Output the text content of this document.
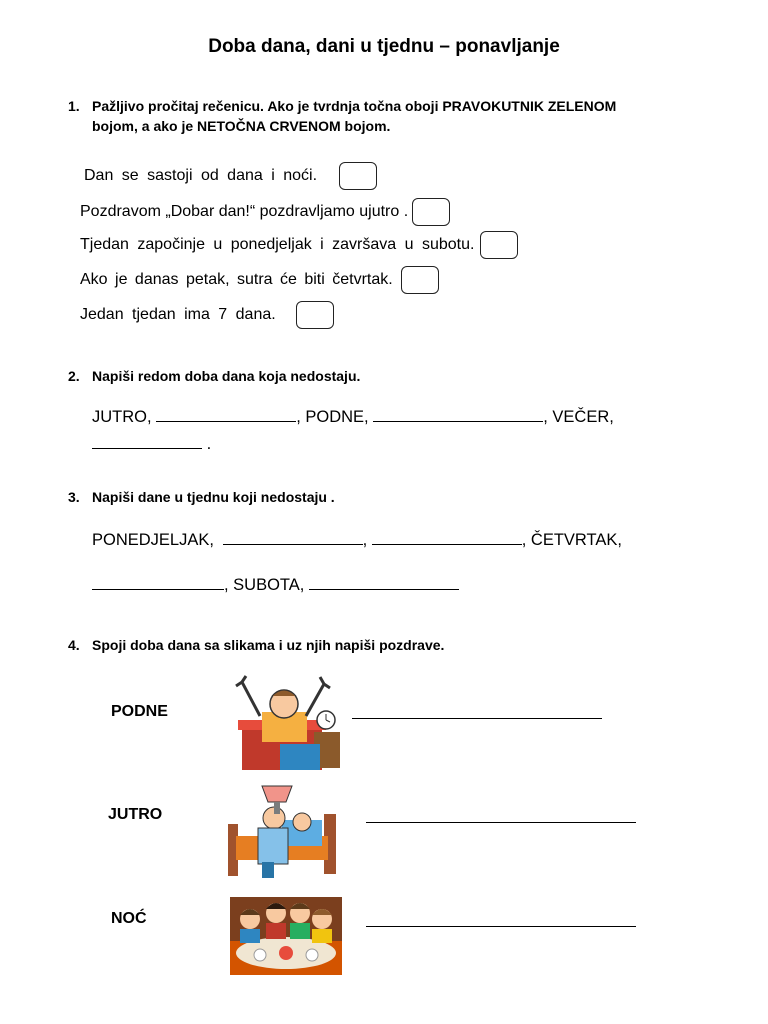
Doba dana, dani u tjednu – ponavljanje
1. Pažljivo pročitaj rečenicu. Ako je tvrdnja točna oboji PRAVOKUTNIK ZELENOM
bojom, a ako je NETOČNA CRVENOM bojom.
Dan se sastoji od dana i noći.
Pozdravom „Dobar dan!“ pozdravljamo ujutro .
Tjedan započinje u ponedjeljak i završava u subotu.
Ako je danas petak, sutra će biti četvrtak.
Jedan tjedan ima 7 dana.
2. Napiši redom doba dana koja nedostaju.
JUTRO,	, PODNE,	, VEČER,
.
3. Napiši dane u tjednu koji nedostaju .
PONEDJELJAK,	,	, ČETVRTAK,
, SUBOTA,
4. Spoji doba dana sa slikama i uz njih napiši pozdrave.
PODNE
JUTRO
NOĆ
